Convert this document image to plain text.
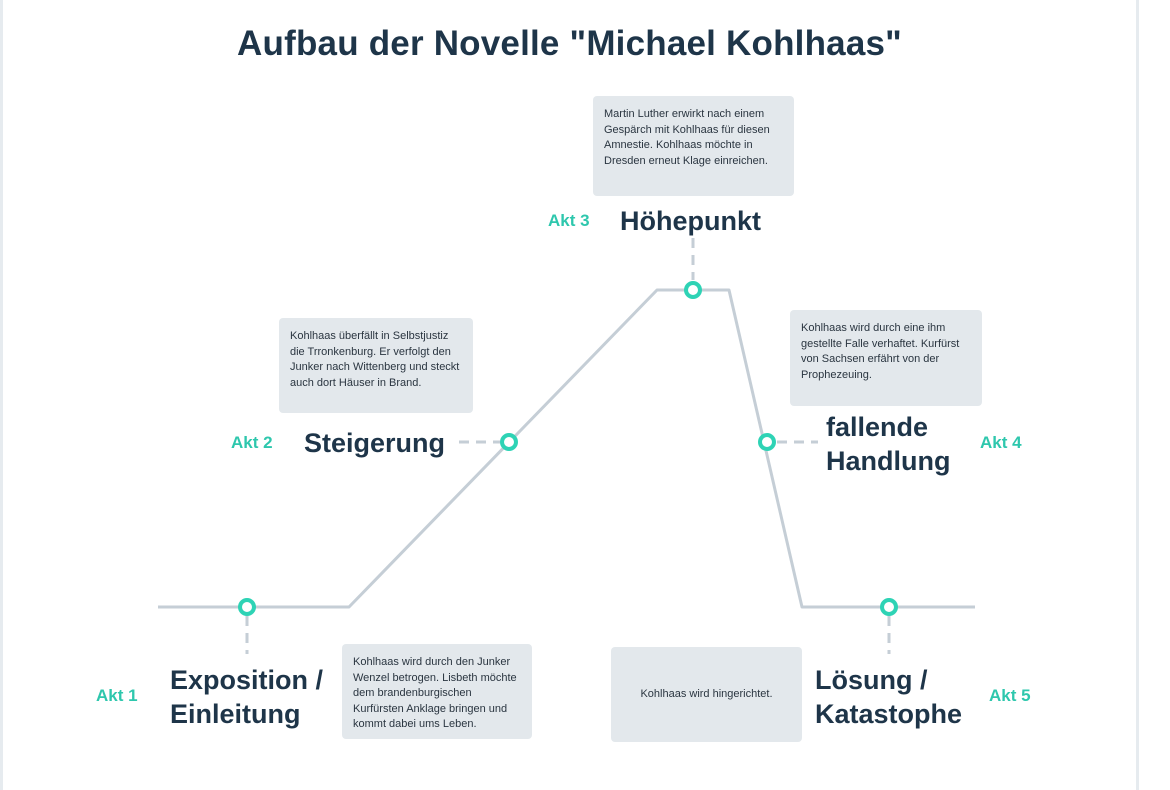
Aufbau der Novelle "Michael Kohlhaas"
Akt 1
Exposition / Einleitung
Kohlhaas wird durch den Junker Wenzel betrogen. Lisbeth möchte dem brandenburgischen Kurfürsten Anklage bringen und kommt dabei ums Leben.
Akt 2 Steigerung
Kohlhaas überfällt in Selbstjustiz die Trronkenburg. Er verfolgt den Junker nach Wittenberg und steckt auch dort Häuser in Brand.
Akt 3 Höhepunkt
Martin Luther erwirkt nach einem Gespärch mit Kohlhaas für diesen Amnestie. Kohlhaas möchte in Dresden erneut Klage einreichen.
Akt 4
fallende Handlung
Kohlhaas wird durch eine ihm gestellte Falle verhaftet. Kurfürst von Sachsen erfährt von der Prophezeuing.
Akt 5
Lösung / Katastophe
Kohlhaas wird hingerichtet.
